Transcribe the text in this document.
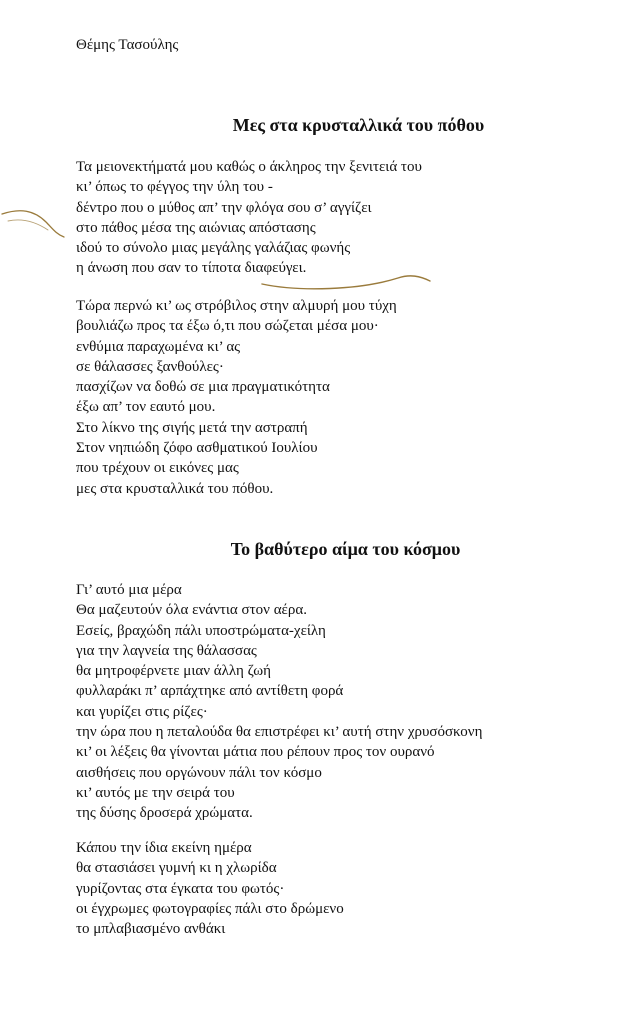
Θέμης Τασούλης
Μες στα κρυσταλλικά του πόθου
Τα μειονεκτήματά μου καθώς ο άκληρος την ξενιτειά του
κι’ όπως το φέγγος την ύλη του -
δέντρο που ο μύθος απ’ την φλόγα σου σ’ αγγίζει
στο πάθος μέσα της αιώνιας απόστασης
ιδού το σύνολο μιας μεγάλης γαλάζιας φωνής
η άνωση που σαν το τίποτα διαφεύγει.
Τώρα περνώ κι’ ως στρόβιλος στην αλμυρή μου τύχη
βουλιάζω προς τα έξω ό,τι που σώζεται μέσα μου·
ενθύμια παραχωμένα κι’ ας
σε θάλασσες ξανθούλες·
πασχίζων να δοθώ σε μια πραγματικότητα
έξω απ’ τον εαυτό μου.
Στο λίκνο της σιγής μετά την αστραπή
Στον νηπιώδη ζόφο ασθματικού Ιουλίου
που τρέχουν οι εικόνες μας
μες στα κρυσταλλικά του πόθου.
Το βαθύτερο αίμα του κόσμου
Γι’ αυτό μια μέρα
Θα μαζευτούν όλα ενάντια στον αέρα.
Εσείς, βραχώδη πάλι υποστρώματα-χείλη
για την λαγνεία της θάλασσας
θα μητροφέρνετε μιαν άλλη ζωή
φυλλαράκι π’ αρπάχτηκε από αντίθετη φορά
και γυρίζει στις ρίζες·
την ώρα που η πεταλούδα θα επιστρέφει κι’ αυτή στην χρυσόσκονη
κι’ οι λέξεις θα γίνονται μάτια που ρέπουν προς τον ουρανό
αισθήσεις που οργώνουν πάλι τον κόσμο
κι’ αυτός με την σειρά του
της δύσης δροσερά χρώματα.
Κάπου την ίδια εκείνη ημέρα
θα στασιάσει γυμνή κι η χλωρίδα
γυρίζοντας στα έγκατα του φωτός·
οι έγχρωμες φωτογραφίες πάλι στο δρώμενο
το μπλαβιασμένο ανθάκι
